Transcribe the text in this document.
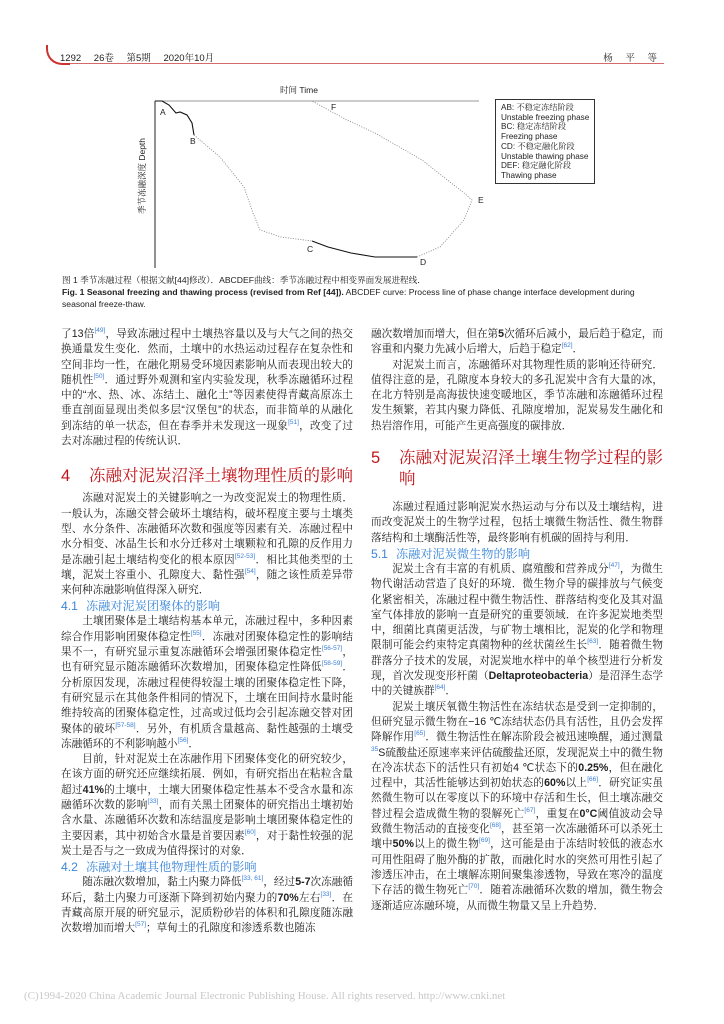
1292 26卷 第5期 2020年10月	杨 平 等
时间 Time
季节冻融深度 Depth
A
B
C
D
E
F	AB: 不稳定冻结阶段
Unstable freezing phase
BC: 稳定冻结阶段
Freezing phase
CD: 不稳定融化阶段
Unstable thawing phase
DEF: 稳定融化阶段
Thawing phase
图 1 季节冻融过程（根据文献[44]修改）．ABCDEF曲线：季节冻融过程中相变界面发展进程线．
Fig. 1 Seasonal freezing and thawing process (revised from Ref [44]). ABCDEF curve: Process line of phase change interface development during seasonal freeze-thaw.

了13倍[49]，导致冻融过程中土壤热容量以及与大气之间的热交换通量发生变化．然而，土壤中的水热运动过程存在复杂性和空间非均一性，在融化期易受环境因素影响从而表现出较大的随机性[50]．通过野外观测和室内实验发现，秋季冻融循环过程中的“水、热、冰、冻结土、融化土”等因素使得青藏高原冻土垂直剖面显现出类似多层“汉堡包”的状态，而非简单的从融化到冻结的单一状态，但在春季并未发现这一现象[51]，改变了过去对冻融过程的传统认识．

4	冻融对泥炭沼泽土壤物理性质的影响

冻融对泥炭土的关键影响之一为改变泥炭土的物理性质．一般认为，冻融交替会破坏土壤结构，破坏程度主要与土壤类型、水分条件、冻融循环次数和强度等因素有关．冻融过程中水分相变、冰晶生长和水分迁移对土壤颗粒和孔隙的反作用力是冻融引起土壤结构变化的根本原因[52-53]．相比其他类型的土壤，泥炭土容重小、孔隙度大、黏性强[54]，随之该性质差异带来何种冻融影响值得深入研究．

4.1 冻融对泥炭团聚体的影响

土壤团聚体是土壤结构基本单元，冻融过程中，多种因素综合作用影响团聚体稳定性[55]．冻融对团聚体稳定性的影响结果不一，有研究显示重复冻融循环会增强团聚体稳定性[56-57]，也有研究显示随冻融循环次数增加，团聚体稳定性降低[58-59]．分析原因发现，冻融过程使得较湿土壤的团聚体稳定性下降，有研究显示在其他条件相同的情况下，土壤在田间持水量时能维持较高的团聚体稳定性，过高或过低均会引起冻融交替对团聚体的破坏[57-58]．另外，有机质含量越高、黏性越强的土壤受冻融循环的不利影响越小[56]．

目前，针对泥炭土在冻融作用下团聚体变化的研究较少，在该方面的研究还应继续拓展．例如，有研究指出在粘粒含量超过41%的土壤中，土壤大团聚体稳定性基本不受含水量和冻融循环次数的影响[33]，而有关黑土团聚体的研究指出土壤初始含水量、冻融循环次数和冻结温度是影响土壤团聚体稳定性的主要因素，其中初始含水量是首要因素[60]，对于黏性较强的泥炭土是否与之一致成为值得探讨的对象．

4.2 冻融对土壤其他物理性质的影响

随冻融次数增加，黏土内聚力降低[33, 61]，经过5-7次冻融循环后，黏土内聚力可逐渐下降到初始内聚力的70%左右[33]．在青藏高原开展的研究显示，泥质粉砂岩的体积和孔隙度随冻融次数增加而增大[57]；草甸土的孔隙度和渗透系数也随冻

融次数增加而增大，但在第5次循环后减小，最后趋于稳定，而容重和内聚力先减小后增大，后趋于稳定[62]．

对泥炭土而言，冻融循环对其物理性质的影响还待研究．值得注意的是，孔隙度本身较大的多孔泥炭中含有大量的冰，在北方特别是高海拔快速变暖地区，季节冻融和冻融循环过程发生频繁，若其内聚力降低、孔隙度增加，泥炭易发生融化和热岩溶作用，可能产生更高强度的碳排放．

5	冻融对泥炭沼泽土壤生物学过程的影响

冻融过程通过影响泥炭水热运动与分布以及土壤结构，进而改变泥炭土的生物学过程，包括土壤微生物活性、微生物群落结构和土壤酶活性等，最终影响有机碳的固持与利用．

5.1 冻融对泥炭微生物的影响

泥炭土含有丰富的有机质、腐殖酸和营养成分[47]，为微生物代谢活动营造了良好的环境．微生物介导的碳排放与气候变化紧密相关，冻融过程中微生物活性、群落结构变化及其对温室气体排放的影响一直是研究的重要领域．在许多泥炭地类型中，细菌比真菌更活泼，与矿物土壤相比，泥炭的化学和物理限制可能会约束特定真菌物种的丝状菌丝生长[63]．随着微生物群落分子技术的发展，对泥炭地水样中的单个核型进行分析发现，首次发现变形杆菌（Deltaproteobacteria）是沼泽生态学中的关键族群[64]．

泥炭土壤厌氧微生物活性在冻结状态是受到一定抑制的，但研究显示微生物在−16 ℃冻结状态仍具有活性，且仍会发挥降解作用[65]．微生物活性在解冻阶段会被迅速唤醒，通过测量$^{35}$S硫酸盐还原速率来评估硫酸盐还原，发现泥炭土中的微生物在冷冻状态下的活性只有初始4 ℃状态下的0.25%，但在融化过程中，其活性能够达到初始状态的60%以上[66]．研究证实虽然微生物可以在零度以下的环境中存活和生长，但土壤冻融交替过程会造成微生物的裂解死亡[67]，重复在0°C阈值波动会导致微生物活动的直接变化[68]，甚至第一次冻融循环可以杀死土壤中50%以上的微生物[69]，这可能是由于冻结时较低的液态水可用性阻碍了胞外酶的扩散，而融化时水的突然可用性引起了渗透压冲击，在土壤解冻期间聚集渗透物，导致在寒冷的温度下存活的微生物死亡[70]．随着冻融循环次数的增加，微生物会逐渐适应冻融环境，从而微生物量又呈上升趋势．

(C)1994-2020 China Academic Journal Electronic Publishing House. All rights reserved. http://www.cnki.net
